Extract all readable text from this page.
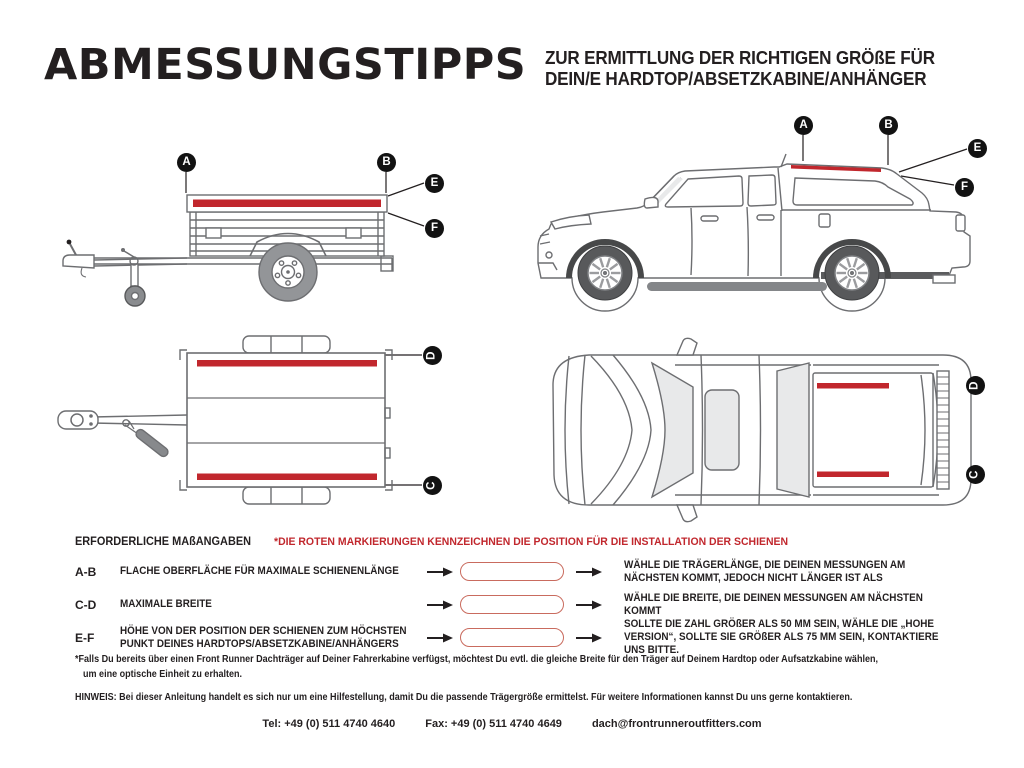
ABMESSUNGSTIPPS ZUR ERMITTLUNG DER RICHTIGEN GRÖßE FÜR
DEIN/E HARDTOP/ABSETZKABINE/ANHÄNGER
A	B
E
F
D
C
A	B
E
F
D
C
ERFORDERLICHE MAßANGABEN *DIE ROTEN MARKIERUNGEN KENNZEICHNEN DIE POSITION FÜR DIE INSTALLATION DER SCHIENEN
A-B	FLACHE OBERFLÄCHE FÜR MAXIMALE SCHIENENLÄNGE
WÄHLE DIE TRÄGERLÄNGE, DIE DEINEN MESSUNGEN AM NÄCHSTEN KOMMT, JEDOCH NICHT LÄNGER IST ALS
C-D	MAXIMALE BREITE
WÄHLE DIE BREITE, DIE DEINEN MESSUNGEN AM NÄCHSTEN KOMMT
E-F	HÖHE VON DER POSITION DER SCHIENEN ZUM HÖCHSTEN PUNKT DEINES HARDTOPS/ABSETZKABINE/ANHÄNGERS
SOLLTE DIE ZAHL GRÖßER ALS 50 MM SEIN, WÄHLE DIE „HOHE VERSION“, SOLLTE SIE GRÖßER ALS 75 MM SEIN, KONTAKTIERE UNS BITTE.
*Falls Du bereits über einen Front Runner Dachträger auf Deiner Fahrerkabine verfügst, möchtest Du evtl. die gleiche Breite für den Träger auf Deinem Hardtop oder Aufsatzkabine wählen,
um eine optische Einheit zu erhalten.
HINWEIS: Bei dieser Anleitung handelt es sich nur um eine Hilfestellung, damit Du die passende Trägergröße ermittelst. Für weitere Informationen kannst Du uns gerne kontaktieren.
Tel: +49 (0) 511 4740 4640	Fax: +49 (0) 511 4740 4649	dach@frontrunneroutfitters.com
